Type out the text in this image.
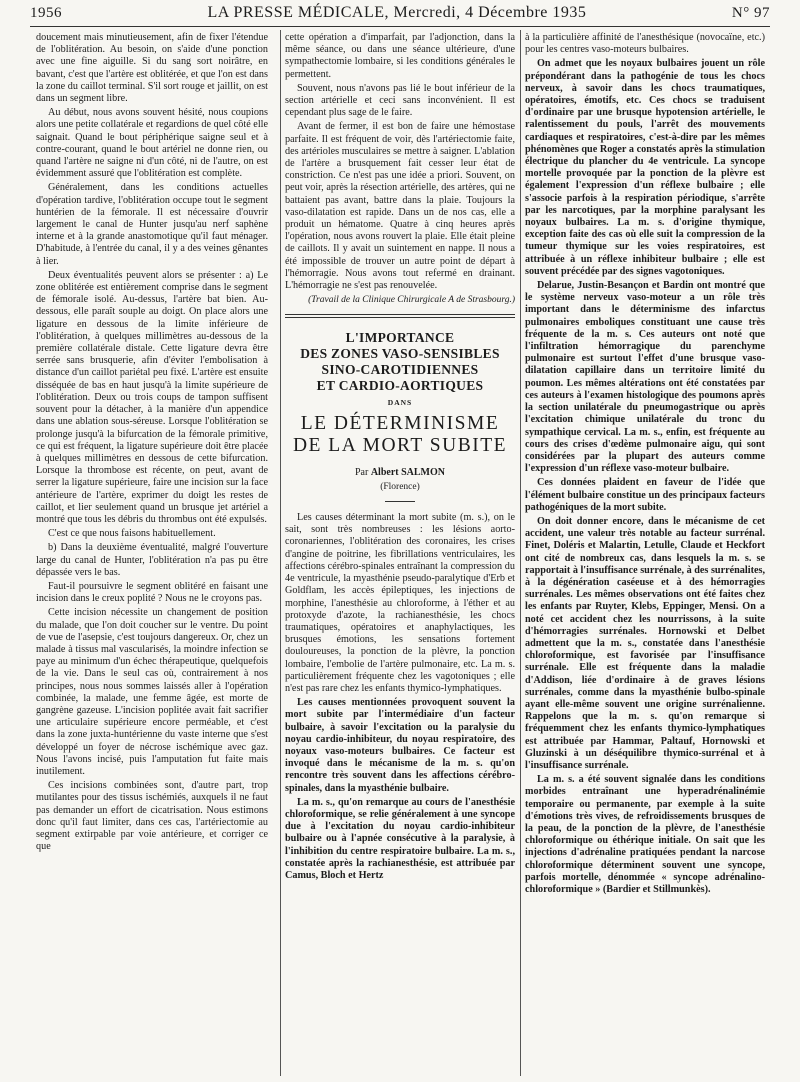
1956	LA PRESSE MÉDICALE, Mercredi, 4 Décembre 1935	N° 97

doucement mais minutieusement, afin de fixer l'étendue de l'oblitération. Au besoin, on s'aide d'une ponction avec une fine aiguille. Si du sang sort noirâtre, en bavant, c'est que l'artère est oblitérée, et que l'on est dans la zone du caillot terminal. S'il sort rouge et jaillit, on est dans un segment libre.

Au début, nous avons souvent hésité, nous coupions alors une petite collatérale et regardions de quel côté elle saignait. Quand le bout périphérique saigne seul et à contre-courant, quand le bout artériel ne donne rien, ou quand l'artère ne saigne ni d'un côté, ni de l'autre, on est évidemment assuré que l'oblitération est complète.

Généralement, dans les conditions actuelles d'opération tardive, l'oblitération occupe tout le segment huntérien de la fémorale. Il est nécessaire d'ouvrir largement le canal de Hunter jusqu'au nerf saphène interne et à la grande anastomotique qu'il faut ménager. D'habitude, à l'entrée du canal, il y a des veines gênantes à lier.

Deux éventualités peuvent alors se présenter : a) Le zone oblitérée est entièrement comprise dans le segment de fémorale isolé. Au-dessus, l'artère bat bien. Au-dessous, elle paraît souple au doigt. On place alors une ligature en dessous de la limite inférieure de l'oblitération, à quelques millimètres au-dessous de la première collatérale distale. Cette ligature devra être serrée sans brusquerie, afin d'éviter l'embolisation à distance d'un caillot pariétal peu fixé. L'artère est ensuite disséquée de bas en haut jusqu'à la limite supérieure de l'oblitération. Deux ou trois coups de tampon suffisent souvent pour la détacher, à la manière d'un appendice dans une ablation sous-séreuse. Lorsque l'oblitération se prolonge jusqu'à la bifurcation de la fémorale primitive, ce qui est fréquent, la ligature supérieure doit être placée à quelques millimètres en dessous de cette bifurcation. Lorsque la thrombose est récente, on peut, avant de serrer la ligature supérieure, faire une incision sur la face antérieure de l'artère, exprimer du doigt les restes de caillot, et lier seulement quand un brusque jet artériel a montré que tous les débris du thrombus ont été expulsés.

C'est ce que nous faisons habituellement.

b) Dans la deuxième éventualité, malgré l'ouverture large du canal de Hunter, l'oblitération n'a pas pu être dépassée vers le bas.

Faut-il poursuivre le segment oblitéré en faisant une incision dans le creux poplité ? Nous ne le croyons pas.

Cette incision nécessite un changement de position du malade, que l'on doit coucher sur le ventre. Du point de vue de l'asepsie, c'est toujours dangereux. Or, chez un malade à tissus mal vascularisés, la moindre infection se paye au minimum d'un échec thérapeutique, quelquefois de la vie. Dans le seul cas où, contrairement à nos principes, nous nous sommes laissés aller à l'opération combinée, la malade, une femme âgée, est morte de gangrène gazeuse. L'incision poplitée avait fait sacrifier une articulaire supérieure encore perméable, et c'est dans la zone juxta-huntérienne du vaste interne que s'est développé un foyer de nécrose ischémique avec gaz. Nous l'avons incisé, puis l'amputation fut faite mais inutilement.

Ces incisions combinées sont, d'autre part, trop mutilantes pour des tissus ischémiés, auxquels il ne faut pas demander un effort de cicatrisation. Nous estimons donc qu'il faut limiter, dans ces cas, l'artériectomie au segment extirpable par voie antérieure, et corriger ce que

cette opération a d'imparfait, par l'adjonction, dans la même séance, ou dans une séance ultérieure, d'une sympathectomie lombaire, si les conditions générales le permettent.

Souvent, nous n'avons pas lié le bout inférieur de la section artérielle et ceci sans inconvénient. Il est cependant plus sage de le faire.

Avant de fermer, il est bon de faire une hémostase parfaite. Il est fréquent de voir, dès l'artériectomie faite, des artérioles musculaires se mettre à saigner. L'ablation de l'artère a brusquement fait cesser leur état de constriction. Ce n'est pas une idée a priori. Souvent, on peut voir, après la résection artérielle, des artères, qui ne battaient pas avant, battre dans la plaie. Toujours la vaso-dilatation est rapide. Dans un de nos cas, elle a produit un hématome. Quatre à cinq heures après l'opération, nous avons rouvert la plaie. Elle était pleine de caillots. Il y avait un suintement en nappe. Il nous a été impossible de trouver un autre point de départ à l'hémorragie. Nous avons tout refermé en drainant. L'hémorragie ne s'est pas renouvelée.

(Travail de la Clinique Chirurgicale A de Strasbourg.)

L'IMPORTANCE
DES ZONES VASO-SENSIBLES
SINO-CAROTIDIENNES
ET CARDIO-AORTIQUES
DANS
LE DÉTERMINISME
DE LA MORT SUBITE
Par Albert SALMON
(Florence)

Les causes déterminant la mort subite (m. s.), on le sait, sont très nombreuses : les lésions aorto-coronariennes, l'oblitération des coronaires, les crises d'angine de poitrine, les fibrillations ventriculaires, les affections cérébro-spinales entraînant la compression du 4e ventricule, la myasthénie pseudo-paralytique d'Erb et Goldflam, les accès épileptiques, les injections de morphine, l'anesthésie au chloroforme, à l'éther et au protoxyde d'azote, la rachianesthésie, les chocs traumatiques, opératoires et anaphylactiques, les brusques émotions, les sensations fortement douloureuses, la ponction de la plèvre, la ponction lombaire, l'embolie de l'artère pulmonaire, etc. La m. s. particulièrement fréquente chez les vagotoniques ; elle n'est pas rare chez les enfants thymico-lymphatiques.

Les causes mentionnées provoquent souvent la mort subite par l'intermédiaire d'un facteur bulbaire, à savoir l'excitation ou la paralysie du noyau cardio-inhibiteur, du noyau respiratoire, des noyaux vaso-moteurs bulbaires. Ce facteur est invoqué dans le mécanisme de la m. s. qu'on rencontre très souvent dans les affections cérébro-spinales, dans la myasthénie bulbaire.

La m. s., qu'on remarque au cours de l'anesthésie chloroformique, se relie généralement à une syncope due à l'excitation du noyau cardio-inhibiteur bulbaire ou à l'apnée consécutive à la paralysie, à l'inhibition du centre respiratoire bulbaire. La m. s., constatée après la rachianesthésie, est attribuée par Camus, Bloch et Hertz

à la particulière affinité de l'anesthésique (novocaïne, etc.) pour les centres vaso-moteurs bulbaires.

On admet que les noyaux bulbaires jouent un rôle prépondérant dans la pathogénie de tous les chocs nerveux, à savoir dans les chocs traumatiques, opératoires, émotifs, etc. Ces chocs se traduisent d'ordinaire par une brusque hypotension artérielle, le ralentissement du pouls, l'arrêt des mouvements cardiaques et respiratoires, c'est-à-dire par les mêmes phénomènes que Roger a constatés après la stimulation électrique du plancher du 4e ventricule. La syncope mortelle provoquée par la ponction de la plèvre est également l'expression d'un réflexe bulbaire ; elle s'associe parfois à la respiration périodique, s'arrête par les narcotiques, par la morphine paralysant les noyaux bulbaires. La m. s. d'origine thymique, exception faite des cas où elle suit la compression de la tumeur thymique sur les voies respiratoires, est attribuée à un réflexe inhibiteur bulbaire ; elle est souvent précédée par des signes vagotoniques.

Delarue, Justin-Besançon et Bardin ont montré que le système nerveux vaso-moteur a un rôle très important dans le déterminisme des infarctus pulmonaires emboliques constituant une cause très fréquente de la m. s. Ces auteurs ont noté que l'infiltration hémorragique du parenchyme pulmonaire est surtout l'effet d'une brusque vaso-dilatation capillaire dans un territoire limité du poumon. Les mêmes altérations ont été constatées par ces auteurs à l'examen histologique des poumons après la section unilatérale du pneumogastrique ou après l'excitation chimique unilatérale du tronc du sympathique cervical. La m. s., enfin, est fréquente au cours des crises d'œdème pulmonaire aigu, qui sont considérées par la plupart des auteurs comme l'expression d'un réflexe vaso-moteur bulbaire.

Ces données plaident en faveur de l'idée que l'élément bulbaire constitue un des principaux facteurs pathogéniques de la mort subite.

On doit donner encore, dans le mécanisme de cet accident, une valeur très notable au facteur surrénal. Finet, Doléris et Malartin, Letulle, Claude et Heckfort ont cité de nombreux cas, dans lesquels la m. s. se rapportait à l'insuffisance surrénale, à des surrénalites, à la dégénération caséeuse et à des hémorragies surrénales. Les mêmes observations ont été faites chez les enfants par Ruyter, Klebs, Eppinger, Mensi. On a noté cet accident chez les nourrissons, à la suite d'hémorragies surrénales. Hornowski et Delbet admettent que la m. s., constatée dans l'anesthésie chloroformique, est favorisée par l'insuffisance surrénale. Elle est fréquente dans la maladie d'Addison, liée d'ordinaire à de graves lésions surrénales, comme dans la myasthénie bulbo-spinale ayant elle-même souvent une origine surrénalienne. Rappelons que la m. s. qu'on remarque si fréquemment chez les enfants thymico-lymphatiques est attribuée par Hammar, Paltauf, Hornowski et Gluzinski à un déséquilibre thymico-surrénal et à l'insuffisance surrénale.

La m. s. a été souvent signalée dans les conditions morbides entraînant une hyperadrénalinémie temporaire ou permanente, par exemple à la suite d'émotions très vives, de refroidissements brusques de la peau, de la ponction de la plèvre, de l'anesthésie chloroformique ou éthérique initiale. On sait que les injections d'adrénaline pratiquées pendant la narcose chloroformique déterminent souvent une syncope, parfois mortelle, dénommée « syncope adrénalino-chloroformique » (Bardier et Stillmunkès).
